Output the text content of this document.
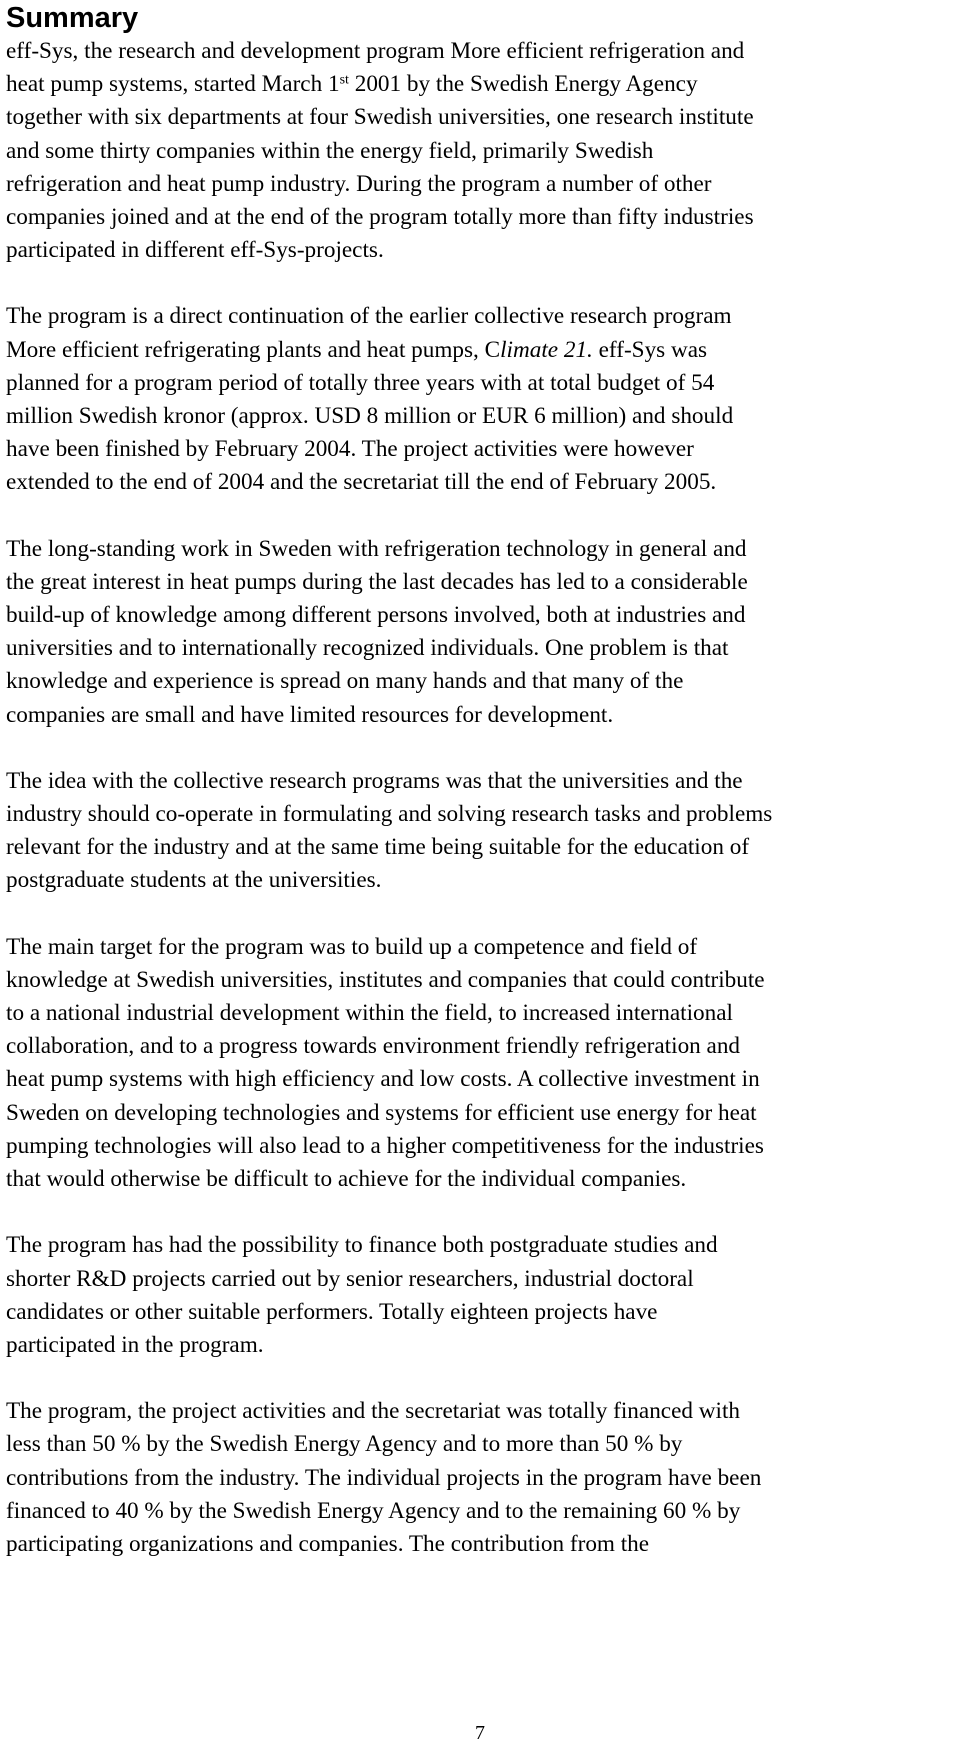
Summary

eff-Sys, the research and development program More efficient refrigeration and
heat pump systems, started March 1st 2001 by the Swedish Energy Agency
together with six departments at four Swedish universities, one research institute
and some thirty companies within the energy field, primarily Swedish
refrigeration and heat pump industry. During the program a number of other
companies joined and at the end of the program totally more than fifty industries
participated in different eff-Sys-projects.

The program is a direct continuation of the earlier collective research program
More efficient refrigerating plants and heat pumps, Climate 21. eff-Sys was
planned for a program period of totally three years with at total budget of 54
million Swedish kronor (approx. USD 8 million or EUR 6 million) and should
have been finished by February 2004. The project activities were however
extended to the end of 2004 and the secretariat till the end of February 2005.

The long-standing work in Sweden with refrigeration technology in general and
the great interest in heat pumps during the last decades has led to a considerable
build-up of knowledge among different persons involved, both at industries and
universities and to internationally recognized individuals. One problem is that
knowledge and experience is spread on many hands and that many of the
companies are small and have limited resources for development.

The idea with the collective research programs was that the universities and the
industry should co-operate in formulating and solving research tasks and problems
relevant for the industry and at the same time being suitable for the education of
postgraduate students at the universities.

The main target for the program was to build up a competence and field of
knowledge at Swedish universities, institutes and companies that could contribute
to a national industrial development within the field, to increased international
collaboration, and to a progress towards environment friendly refrigeration and
heat pump systems with high efficiency and low costs. A collective investment in
Sweden on developing technologies and systems for efficient use energy for heat
pumping technologies will also lead to a higher competitiveness for the industries
that would otherwise be difficult to achieve for the individual companies.

The program has had the possibility to finance both postgraduate studies and
shorter R&D projects carried out by senior researchers, industrial doctoral
candidates or other suitable performers. Totally eighteen projects have
participated in the program.

The program, the project activities and the secretariat was totally financed with
less than 50 % by the Swedish Energy Agency and to more than 50 % by
contributions from the industry. The individual projects in the program have been
financed to 40 % by the Swedish Energy Agency and to the remaining 60 % by
participating organizations and companies. The contribution from the

7
